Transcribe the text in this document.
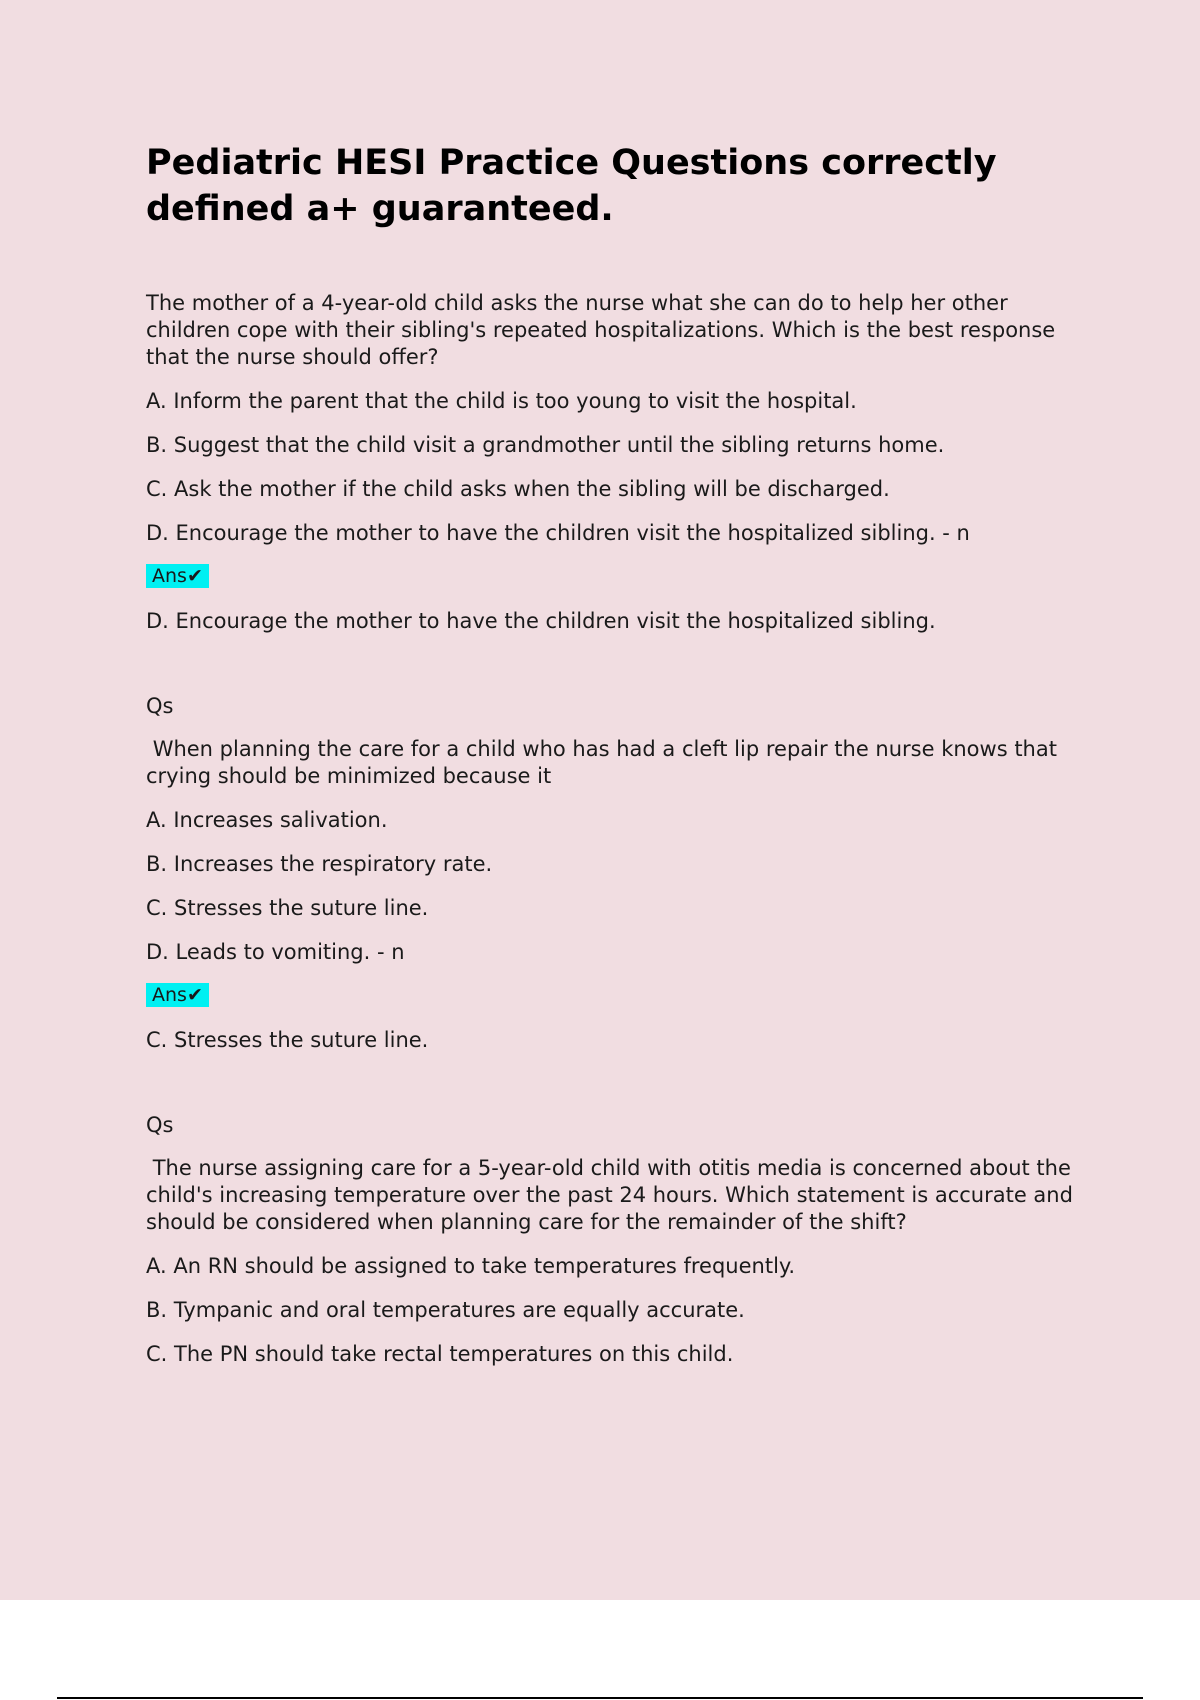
Pediatric HESI Practice Questions correctly defined a+ guaranteed.
The mother of a 4-year-old child asks the nurse what she can do to help her other children cope with their sibling's repeated hospitalizations. Which is the best response that the nurse should offer?
A. Inform the parent that the child is too young to visit the hospital.
B. Suggest that the child visit a grandmother until the sibling returns home.
C. Ask the mother if the child asks when the sibling will be discharged.
D. Encourage the mother to have the children visit the hospitalized sibling. - n
Ans✔
D. Encourage the mother to have the children visit the hospitalized sibling.
Qs
When planning the care for a child who has had a cleft lip repair the nurse knows that crying should be minimized because it
A. Increases salivation.
B. Increases the respiratory rate.
C. Stresses the suture line.
D. Leads to vomiting. - n
Ans✔
C. Stresses the suture line.
Qs
The nurse assigning care for a 5-year-old child with otitis media is concerned about the child's increasing temperature over the past 24 hours. Which statement is accurate and should be considered when planning care for the remainder of the shift?
A. An RN should be assigned to take temperatures frequently.
B. Tympanic and oral temperatures are equally accurate.
C. The PN should take rectal temperatures on this child.
